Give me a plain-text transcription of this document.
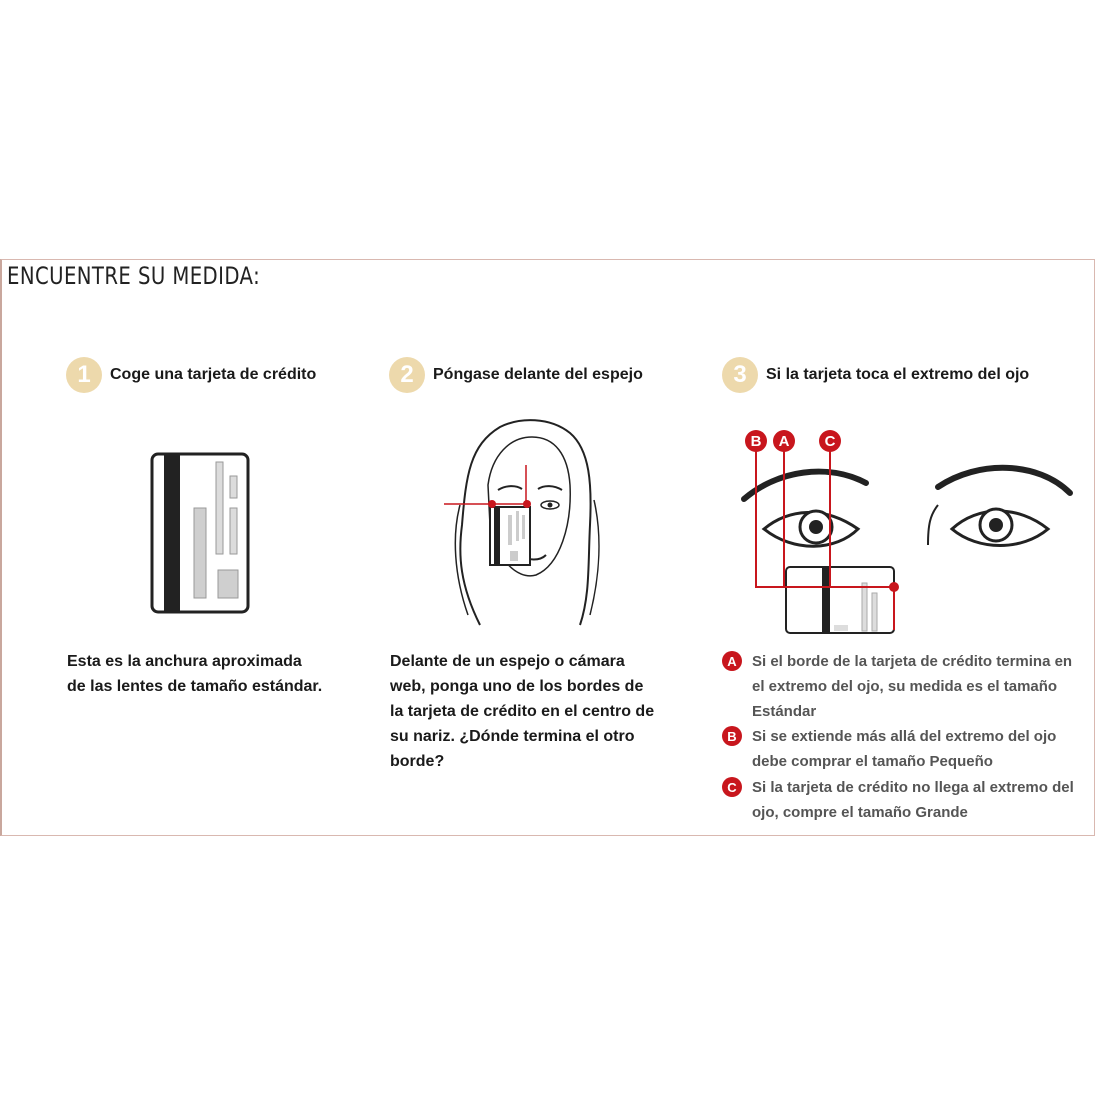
ENCUENTRE SU MEDIDA:
1	Coge una tarjeta de crédito
Esta es la anchura aproximada
de las lentes de tamaño estándar.
2	Póngase delante del espejo
Delante de un espejo o cámara
web, ponga uno de los bordes de
la tarjeta de crédito en el centro de
su nariz. ¿Dónde termina el otro
borde?
3	Si la tarjeta toca el extremo del ojo
B A C
A	Si el borde de la tarjeta de crédito termina en
el extremo del ojo, su medida es el tamaño
Estándar
B	Si se extiende más allá del extremo del ojo
debe comprar el tamaño Pequeño
C	Si la tarjeta de crédito no llega al extremo del
ojo, compre el tamaño Grande
